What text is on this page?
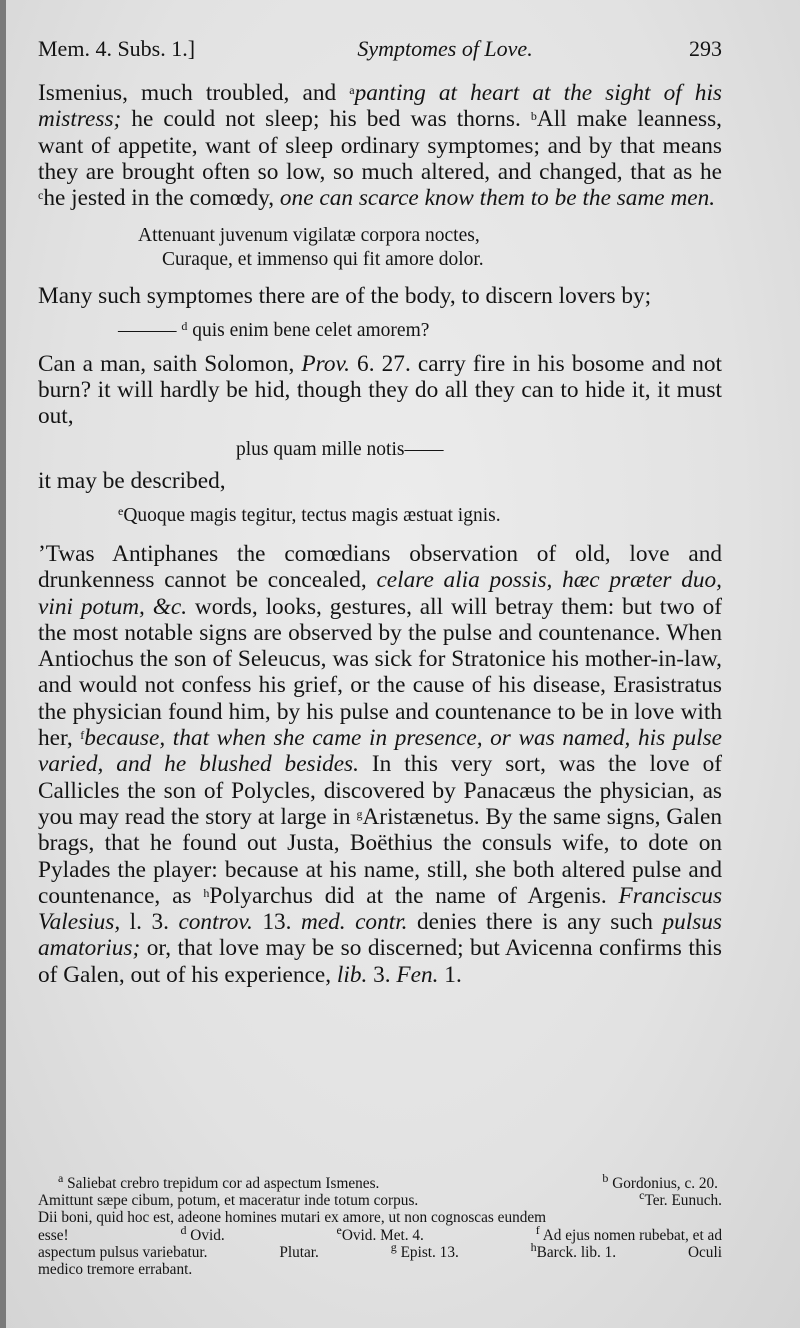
Mem. 4. Subs. 1.]	Symptomes of Love.	293

Ismenius, much troubled, and $^a$panting at heart at the sight of his mistress; he could not sleep; his bed was thorns. $^b$All make leanness, want of appetite, want of sleep ordinary symptomes; and by that means they are brought often so low, so much altered, and changed, that as he $^c$he jested in the comœdy, one can scarce know them to be the same men.

Attenuant juvenum vigilatæ corpora noctes,
Curaque, et immenso qui fit amore dolor.

Many such symptomes there are of the body, to discern lovers by;

——— $^d$ quis enim bene celet amorem?

Can a man, saith Solomon, Prov. 6. 27. carry fire in his bosome and not burn? it will hardly be hid, though they do all they can to hide it, it must out,

plus quam mille notis——

it may be described,

$^e$Quoque magis tegitur, tectus magis æstuat ignis.

’Twas Antiphanes the comœdians observation of old, love and drunkenness cannot be concealed, celare alia possis, hæc præter duo, vini potum, &c. words, looks, gestures, all will betray them: but two of the most notable signs are observed by the pulse and countenance. When Antiochus the son of Seleucus, was sick for Stratonice his mother-in-law, and would not confess his grief, or the cause of his disease, Erasistratus the physician found him, by his pulse and countenance to be in love with her, $^f$because, that when she came in presence, or was named, his pulse varied, and he blushed besides. In this very sort, was the love of Callicles the son of Polycles, discovered by Panacæus the physician, as you may read the story at large in $^g$Aristænetus. By the same signs, Galen brags, that he found out Justa, Boëthius the consuls wife, to dote on Pylades the player: because at his name, still, she both altered pulse and countenance, as $^h$Polyarchus did at the name of Argenis. Franciscus Valesius, l. 3. controv. 13. med. contr. denies there is any such pulsus amatorius; or, that love may be so discerned; but Avicenna confirms this of Galen, out of his experience, lib. 3. Fen. 1.

$^a$ Saliebat crebro trepidum cor ad aspectum Ismenes.	$^b$ Gordonius, c. 20.
Amittunt sæpe cibum, potum, et maceratur inde totum corpus.	$^c$Ter. Eunuch.
Dii boni, quid hoc est, adeone homines mutari ex amore, ut non cognoscas eundem
esse!	$^d$ Ovid.	$^e$Ovid. Met. 4.	$^f$ Ad ejus nomen rubebat, et ad
aspectum pulsus variebatur.	Plutar.	$^g$ Epist. 13.	$^h$Barck. lib. 1.	Oculi
medico tremore errabant.
